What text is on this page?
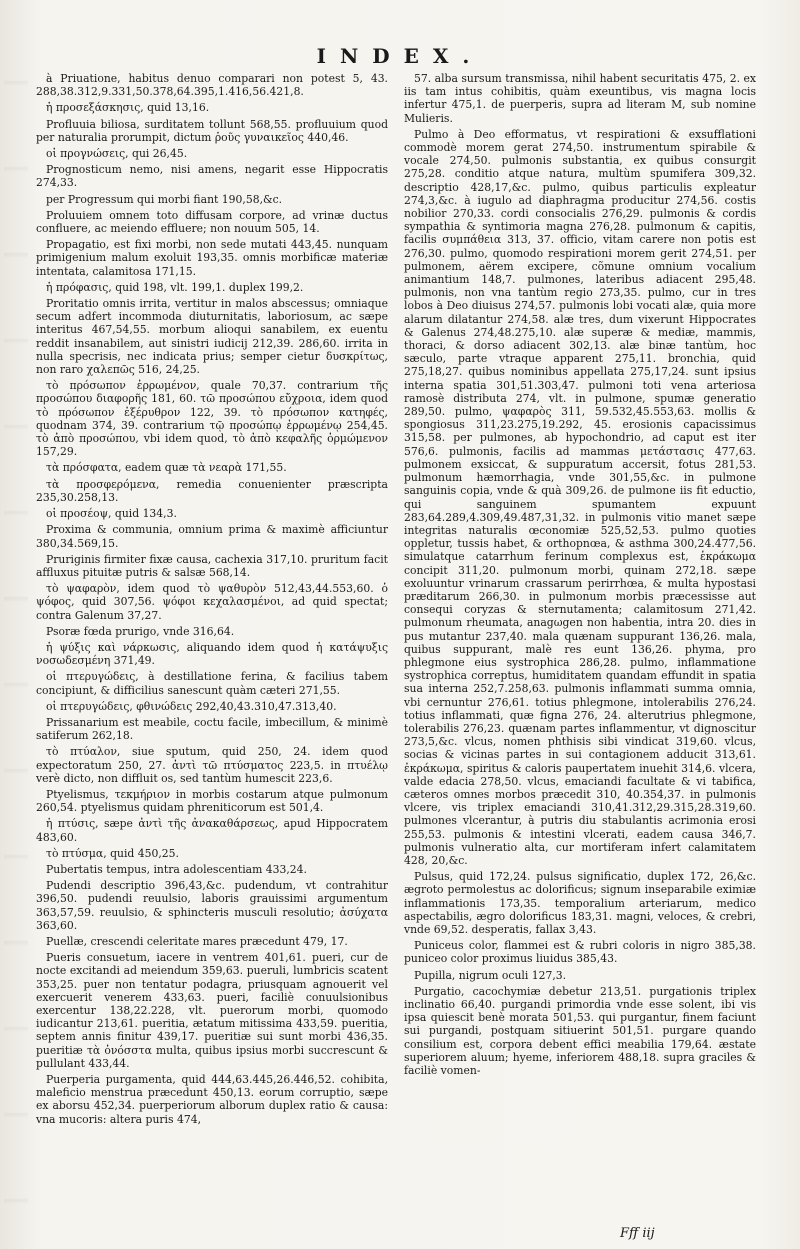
INDEX.

à Priuatione, habitus denuo comparari non potest 5, 43. 288,38.312,9.331,50.378,64.395,1.416,56.421,8.

ἡ προσεξάσκησις, quid 13,16.

Profluuia biliosa, surditatem tollunt 568,55. profluuium quod per naturalia prorumpit, dictum ῥοῦς γυναικεῖος 440,46.

οἱ προγνώσεις, qui 26,45.

Prognosticum nemo, nisi amens, negarit esse Hippocratis 274,33.

per Progressum qui morbi fiant 190,58,&c.

Proluuiem omnem toto diffusam corpore, ad vrinæ ductus confluere, ac meiendo effluere; non nouum 505, 14.

Propagatio, est fixi morbi, non sede mutati 443,45. nunquam primigenium malum exoluit 193,35. omnis morbificæ materiæ intentata, calamitosa 171,15.

ἡ πρόφασις, quid 198, vlt. 199,1. duplex 199,2.

Proritatio omnis irrita, vertitur in malos abscessus; omniaque secum adfert incommoda diuturnitatis, laboriosum, ac sæpe interitus 467,54,55. morbum alioqui sanabilem, ex euentu reddit insanabilem, aut sinistri iudicij 212,39. 286,60. irrita in nulla specrisis, nec indicata prius; semper cietur δυσκρίτως, non raro χαλεπῶς 516, 24,25.

τὸ πρόσωπον ἐρρωμένον, quale 70,37. contrarium τῆς προσώπου διαφορῆς 181, 60. τῶ προσώπου εὔχροια, idem quod τὸ πρόσωπον ἐξέρυθρον 122, 39. τὸ πρόσωπον κατηφές, quodnam 374, 39. contrarium τῷ προσώπῳ ἐρρωμένῳ 254,45. τὸ ἀπὸ προσώπου, vbi idem quod, τὸ ἀπὸ κεφαλῆς ὁρμώμενον 157,29.

τὰ πρόσφατα, eadem quæ τὰ νεαρὰ 171,55.

τὰ προσφερόμενα, remedia conuenienter præscripta 235,30.258,13.

οἱ προσέοψ, quid 134,3.

Proxima & communia, omnium prima & maximè afficiuntur 380,34.569,15.

Pruriginis firmiter fixæ causa, cachexia 317,10. pruritum facit affluxus pituitæ putris & salsæ 568,14.

τὸ ψαφαρὸν, idem quod τὸ ψαθυρὸν 512,43,44.553,60. ὁ ψόφος, quid 307,56. ψόφοι κεχαλασμένοι, ad quid spectat; contra Galenum 37,27.

Psoræ fœda prurigo, vnde 316,64.

ἡ ψύξις καὶ νάρκωσις, aliquando idem quod ἡ κατάψυξις νοσωδεσμένη 371,49.

οἱ πτερυγώδεις, à destillatione ferina, & facilius tabem concipiunt, & difficilius sanescunt quàm cæteri 271,55.

οἱ πτερυγώδεις, φθινώδεις 292,40,43.310,47.313,40.

Prissanarium est meabile, coctu facile, imbecillum, & minimè satiferum 262,18.

τὸ πτύαλον, siue sputum, quid 250, 24. idem quod expectoratum 250, 27. ἀντὶ τῶ πτύσματος 223,5. in πτυέλῳ verè dicto, non diffluit os, sed tantùm humescit 223,6.

Ptyelismus, τεκμήριον in morbis costarum atque pulmonum 260,54. ptyelismus quidam phreniticorum est 501,4.

ἡ πτύσις, sæpe ἀντὶ τῆς ἀνακαθάρσεως, apud Hippocratem 483,60.

τὸ πτύσμα, quid 450,25.

Pubertatis tempus, intra adolescentiam 433,24.

Pudendi descriptio 396,43,&c. pudendum, vt contrahitur 396,50. pudendi reuulsio, laboris grauissimi argumentum 363,57,59. reuulsio, & sphincteris musculi resolutio; ἀσύχατα 363,60.

Puellæ, crescendi celeritate mares præcedunt 479, 17.

Pueris consuetum, iacere in ventrem 401,61. pueri, cur de nocte excitandi ad meiendum 359,63. pueruli, lumbricis scatent 353,25. puer non tentatur podagra, priusquam agnouerit vel exercuerit venerem 433,63. pueri, faciliè conuulsionibus exercentur 138,22.228, vlt. puerorum morbi, quomodo iudicantur 213,61. pueritia, ætatum mitissima 433,59. pueritia, septem annis finitur 439,17. pueritiæ sui sunt morbi 436,35. pueritiæ τὰ ὀνόσστα multa, quibus ipsius morbi succrescunt & pullulant 433,44.

Puerperia purgamenta, quid 444,63.445,26.446,52. cohibita, maleficio menstrua præcedunt 450,13. eorum corruptio, sæpe ex aborsu 452,34. puerperiorum alborum duplex ratio & causa: vna mucoris: altera puris 474,

57. alba sursum transmissa, nihil habent securitatis 475, 2. ex iis tam intus cohibitis, quàm exeuntibus, vis magna locis infertur 475,1. de puerperis, supra ad literam M, sub nomine Mulieris.

Pulmo à Deo efformatus, vt respirationi & exsufflationi commodè morem gerat 274,50. instrumentum spirabile & vocale 274,50. pulmonis substantia, ex quibus consurgit 275,28. conditio atque natura, multùm spumifera 309,32. descriptio 428,17,&c. pulmo, quibus particulis expleatur 274,3,&c. à iugulo ad diaphragma producitur 274,56. costis nobilior 270,33. cordi consocialis 276,29. pulmonis & cordis sympathia & syntimoria magna 276,28. pulmonum & capitis, facilis συμπάθεια 313, 37. officio, vitam carere non potis est 276,30. pulmo, quomodo respirationi morem gerit 274,51. per pulmonem, aërem excipere, cõmune omnium vocalium animantium 148,7. pulmones, lateribus adiacent 295,48. pulmonis, non vna tantùm regio 273,35. pulmo, cur in tres lobos à Deo diuisus 274,57. pulmonis lobi vocati alæ, quia more alarum dilatantur 274,58. alæ tres, dum vixerunt Hippocrates & Galenus 274,48.275,10. alæ superæ & mediæ, mammis, thoraci, & dorso adiacent 302,13. alæ binæ tantùm, hoc sæculo, parte vtraque apparent 275,11. bronchia, quid 275,18,27. quibus nominibus appellata 275,17,24. sunt ipsius interna spatia 301,51.303,47. pulmoni toti vena arteriosa ramosè distributa 274, vlt. in pulmone, spumæ generatio 289,50. pulmo, ψαφαρὸς 311, 59.532,45.553,63. mollis & spongiosus 311,23.275,19.292, 45. erosionis capacissimus 315,58. per pulmones, ab hypochondrio, ad caput est iter 576,6. pulmonis, facilis ad mammas μετάστασις 477,63. pulmonem exsiccat, & suppuratum accersit, fotus 281,53. pulmonum hæmorrhagia, vnde 301,55,&c. in pulmone sanguinis copia, vnde & quà 309,26. de pulmone iis fit eductio, qui sanguinem spumantem expuunt 283,64.289,4.309,49.487,31,32. in pulmonis vitio manet sæpe integritas naturalis œconomiæ 525,52,53. pulmo quoties oppletur, tussis habet, & orthopnœa, & asthma 300,24.477,56. simulatque catarrhum ferinum complexus est, ἑκράκωμα concipit 311,20. pulmonum morbi, quinam 272,18. sæpe exoluuntur vrinarum crassarum perirrhœa, & multa hypostasi præditarum 266,30. in pulmonum morbis præcessisse aut consequi coryzas & sternutamenta; calamitosum 271,42. pulmonum rheumata, anagωgen non habentia, intra 20. dies in pus mutantur 237,40. mala quænam suppurant 136,26. mala, quibus suppurant, malè res eunt 136,26. phyma, pro phlegmone eius systrophica 286,28. pulmo, inflammatione systrophica correptus, humiditatem quandam effundit in spatia sua interna 252,7.258,63. pulmonis inflammati summa omnia, vbi cernuntur 276,61. totius phlegmone, intolerabilis 276,24. totius inflammati, quæ figna 276, 24. alterutrius phlegmone, tolerabilis 276,23. quænam partes inflammentur, vt dignoscitur 273,5,&c. vlcus, nomen phthisis sibi vindicat 319,60. vlcus, socias & vicinas partes in sui contagionem adducit 313,61. ἐκράκωμα, spiritus & caloris paupertatem inuehit 314,6. vlcera, valde edacia 278,50. vlcus, emaciandi facultate & vi tabifica, cæteros omnes morbos præcedit 310, 40.354,37. in pulmonis vlcere, vis triplex emaciandi 310,41.312,29.315,28.319,60. pulmones vlcerantur, à putris diu stabulantis acrimonia erosi 255,53. pulmonis & intestini vlcerati, eadem causa 346,7. pulmonis vulneratio alta, cur mortiferam infert calamitatem 428, 20,&c.

Pulsus, quid 172,24. pulsus significatio, duplex 172, 26,&c. ægroto permolestus ac dolorificus; signum inseparabile eximiæ inflammationis 173,35. temporalium arteriarum, medico aspectabilis, ægro dolorificus 183,31. magni, veloces, & crebri, vnde 69,52. desperatis, fallax 3,43.

Puniceus color, flammei est & rubri coloris in nigro 385,38. puniceo color proximus liuidus 385,43.

Pupilla, nigrum oculi 127,3.

Purgatio, cacochymiæ debetur 213,51. purgationis triplex inclinatio 66,40. purgandi primordia vnde esse solent, ibi vis ipsa quiescit benè morata 501,53. qui purgantur, finem faciunt sui purgandi, postquam sitiuerint 501,51. purgare quando consilium est, corpora debent effici meabilia 179,64. æstate superiorem aluum; hyeme, inferiorem 488,18. supra graciles & faciliè vomen-

Fff iij
